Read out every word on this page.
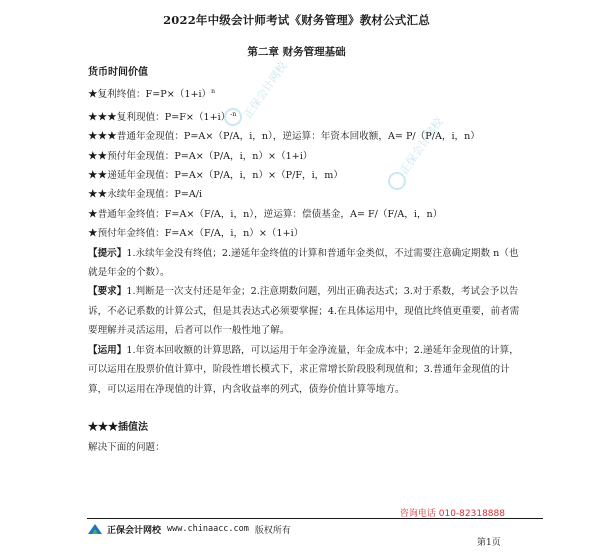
正保会计网校
正保会计网校
2022年中级会计师考试《财务管理》教材公式汇总
第二章 财务管理基础
货币时间价值
★复利终值：$F=P\times(1+i)^n$
★★★复利现值：$P=F\times(1+i)^{-n}$
★★★普通年金现值：P=A×（P/A，i，n），逆运算：年资本回收额，A= P/（P/A，i，n）
★★预付年金现值：P=A×（P/A，i，n）×（1+i）
★★递延年金现值：P=A×（P/A，i，n）×（P/F，i，m）
★★永续年金现值：P=A/i
★普通年金终值：F=A×（F/A，i，n），逆运算：偿债基金，A= F/（F/A，i，n）
★预付年金终值：F=A×（F/A，i，n）×（1+i）
【提示】1.永续年金没有终值；2.递延年金终值的计算和普通年金类似，不过需要注意确定期数 n（也就是年金的个数）。
【要求】1.判断是一次支付还是年金；2.注意期数问题，列出正确表达式；3.对于系数，考试会予以告诉，不必记系数的计算公式，但是其表达式必须要掌握；4.在具体运用中，现值比终值更重要，前者需要理解并灵活运用，后者可以作一般性地了解。
【运用】1.年资本回收额的计算思路，可以运用于年金净流量，年金成本中；2.递延年金现值的计算，可以运用在股票价值计算中，阶段性增长模式下，求正常增长阶段股利现值和；3.普通年金现值的计算，可以运用在净现值的计算，内含收益率的列式，债券价值计算等地方。
★★★插值法
解决下面的问题：
咨询电话 010-82318888
正保会计网校 www.chinaacc.com 版权所有
第1页
